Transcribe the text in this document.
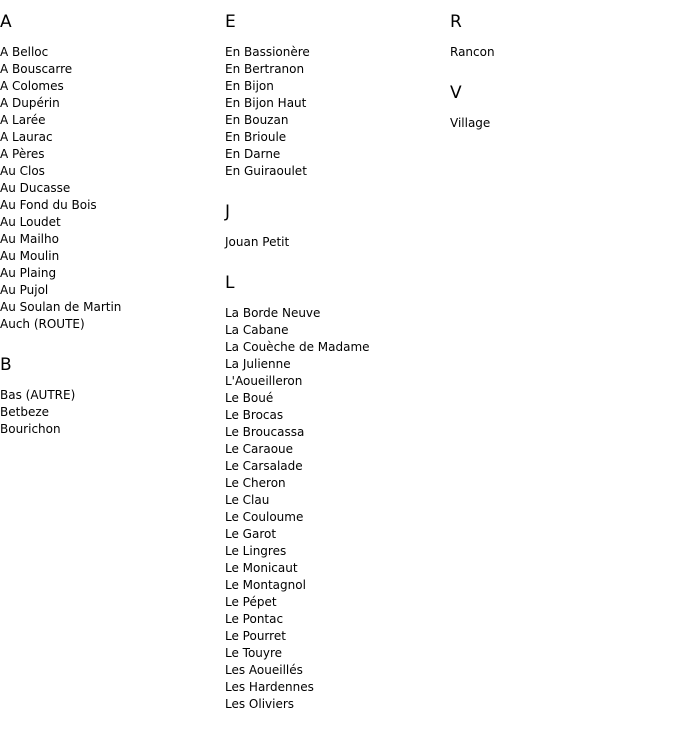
A
A Belloc
A Bouscarre
A Colomes
A Dupérin
A Larée
A Laurac
A Pères
Au Clos
Au Ducasse
Au Fond du Bois
Au Loudet
Au Mailho
Au Moulin
Au Plaing
Au Pujol
Au Soulan de Martin
Auch (ROUTE)
B
Bas (AUTRE)
Betbeze
Bourichon
E
En Bassionère
En Bertranon
En Bijon
En Bijon Haut
En Bouzan
En Brioule
En Darne
En Guiraoulet
J
Jouan Petit
L
La Borde Neuve
La Cabane
La Couèche de Madame
La Julienne
L'Aoueilleron
Le Boué
Le Brocas
Le Broucassa
Le Caraoue
Le Carsalade
Le Cheron
Le Clau
Le Couloume
Le Garot
Le Lingres
Le Monicaut
Le Montagnol
Le Pépet
Le Pontac
Le Pourret
Le Touyre
Les Aoueillés
Les Hardennes
Les Oliviers
R
Rancon
V
Village
